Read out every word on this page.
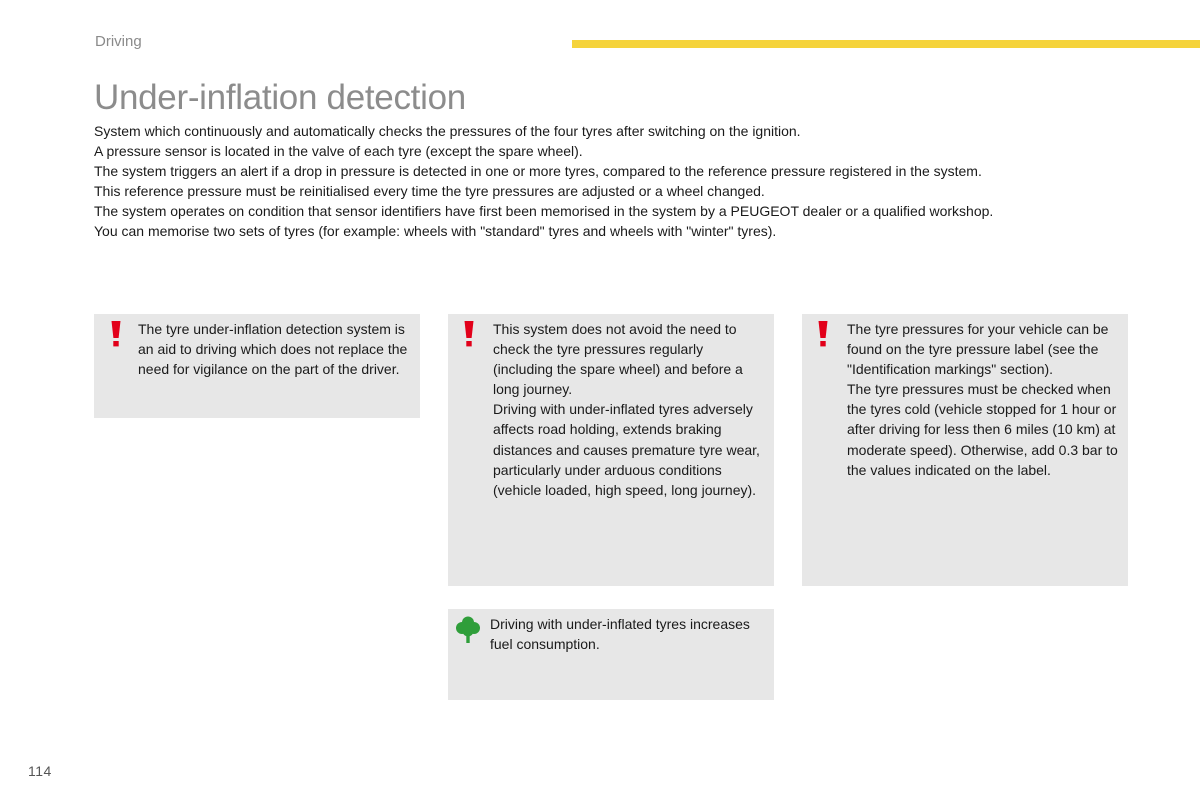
Driving
Under-inflation detection

System which continuously and automatically checks the pressures of the four tyres after switching on the ignition.

A pressure sensor is located in the valve of each tyre (except the spare wheel).

The system triggers an alert if a drop in pressure is detected in one or more tyres, compared to the reference pressure registered in the system.

This reference pressure must be reinitialised every time the tyre pressures are adjusted or a wheel changed.

The system operates on condition that sensor identifiers have first been memorised in the system by a PEUGEOT dealer or a qualified workshop.

You can memorise two sets of tyres (for example: wheels with "standard" tyres and wheels with "winter" tyres).

The tyre under-inflation detection system is an aid to driving which does not replace the need for vigilance on the part of the driver.

This system does not avoid the need to check the tyre pressures regularly (including the spare wheel) and before a long journey.

Driving with under-inflated tyres adversely affects road holding, extends braking distances and causes premature tyre wear, particularly under arduous conditions (vehicle loaded, high speed, long journey).

The tyre pressures for your vehicle can be found on the tyre pressure label (see the "Identification markings" section).

The tyre pressures must be checked when the tyres cold (vehicle stopped for 1 hour or after driving for less then 6 miles (10 km) at moderate speed). Otherwise, add 0.3 bar to the values indicated on the label.

Driving with under-inflated tyres increases fuel consumption.

114
